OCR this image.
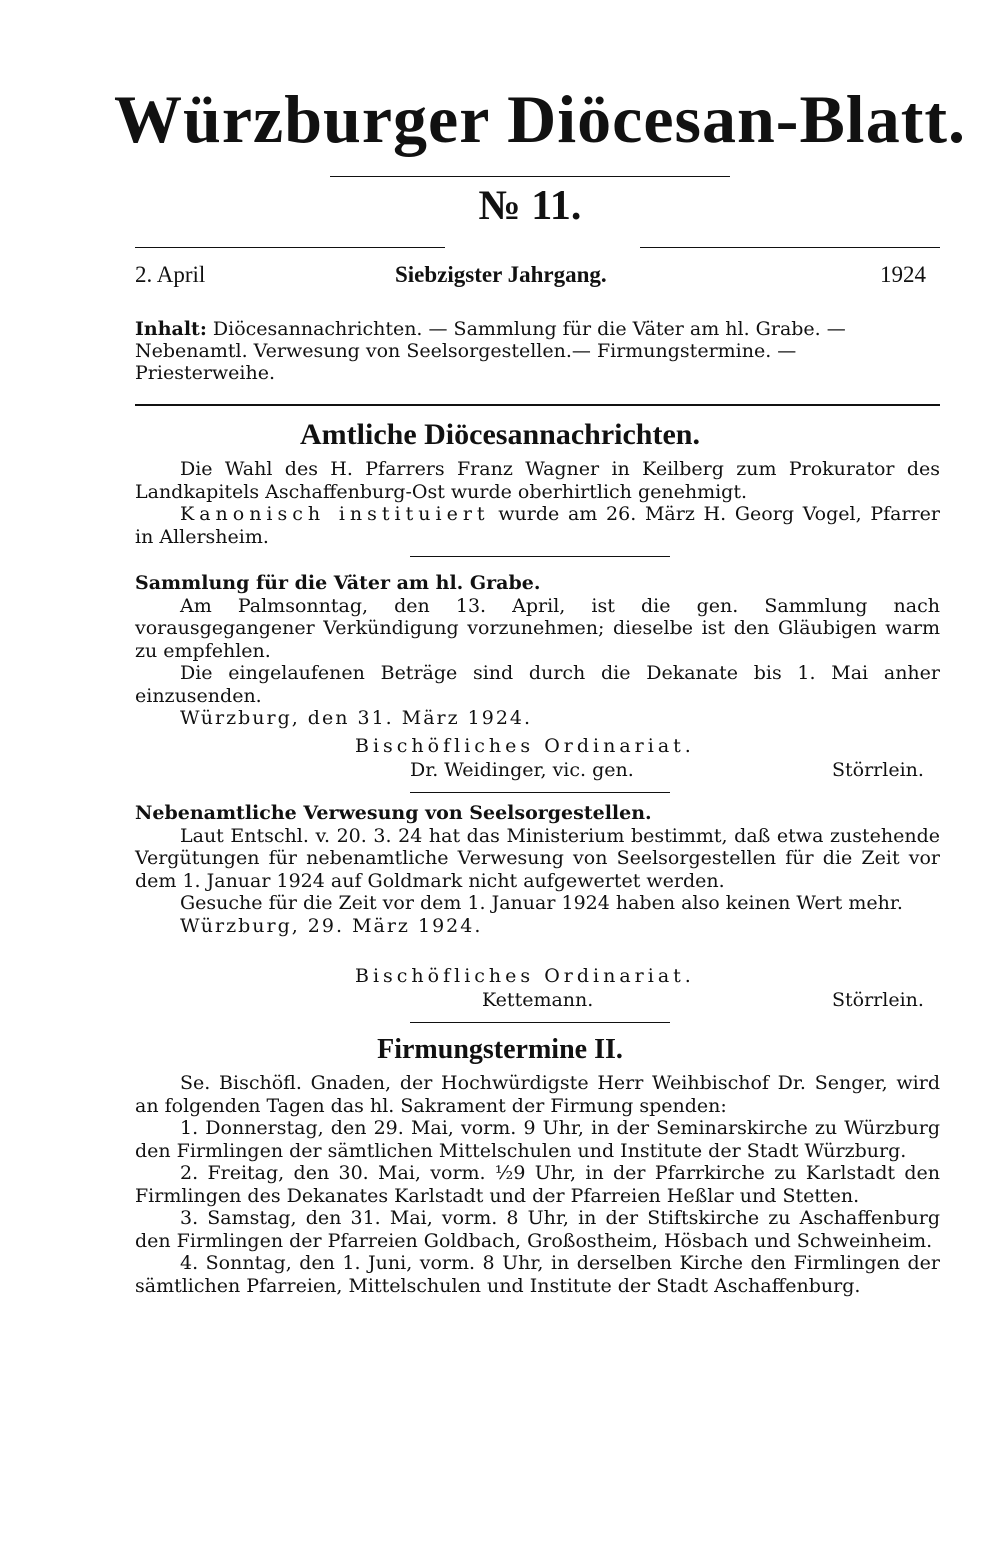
Würzburger Diöcesan-Blatt.
№ 11.
2. April	Siebzigster Jahrgang.	1924
Inhalt: Diöcesannachrichten. — Sammlung für die Väter am hl. Grabe. — Nebenamtl. Verwesung von Seelsorgestellen.— Firmungstermine. — Priesterweihe.
Amtliche Diöcesannachrichten.

Die Wahl des H. Pfarrers Franz Wagner in Keilberg zum Prokurator des Landkapitels Aschaffenburg-Ost wurde oberhirtlich genehmigt.

Kanonisch instituiert wurde am 26. März H. Georg Vogel, Pfarrer in Allersheim.

Sammlung für die Väter am hl. Grabe.

Am Palmsonntag, den 13. April, ist die gen. Sammlung nach vorausgegangener Verkündigung vorzunehmen; dieselbe ist den Gläubigen warm zu empfehlen.

Die eingelaufenen Beträge sind durch die Dekanate bis 1. Mai anher einzusenden.

Würzburg, den 31. März 1924.

Bischöfliches Ordinariat.
Dr. Weidinger, vic. gen.	Störrlein.

Nebenamtliche Verwesung von Seelsorgestellen.

Laut Entschl. v. 20. 3. 24 hat das Ministerium bestimmt, daß etwa zustehende Vergütungen für nebenamtliche Verwesung von Seelsorgestellen für die Zeit vor dem 1. Januar 1924 auf Goldmark nicht aufgewertet werden.

Gesuche für die Zeit vor dem 1. Januar 1924 haben also keinen Wert mehr.

Würzburg, 29. März 1924.

Bischöfliches Ordinariat.
Kettemann.	Störrlein.
Firmungstermine II.

Se. Bischöfl. Gnaden, der Hochwürdigste Herr Weihbischof Dr. Senger, wird an folgenden Tagen das hl. Sakrament der Firmung spenden:

1. Donnerstag, den 29. Mai, vorm. 9 Uhr, in der Seminarskirche zu Würzburg den Firmlingen der sämtlichen Mittelschulen und Institute der Stadt Würzburg.

2. Freitag, den 30. Mai, vorm. ½9 Uhr, in der Pfarrkirche zu Karlstadt den Firmlingen des Dekanates Karlstadt und der Pfarreien Heßlar und Stetten.

3. Samstag, den 31. Mai, vorm. 8 Uhr, in der Stiftskirche zu Aschaffenburg den Firmlingen der Pfarreien Goldbach, Großostheim, Hösbach und Schweinheim.

4. Sonntag, den 1. Juni, vorm. 8 Uhr, in derselben Kirche den Firmlingen der sämtlichen Pfarreien, Mittelschulen und Institute der Stadt Aschaffenburg.
